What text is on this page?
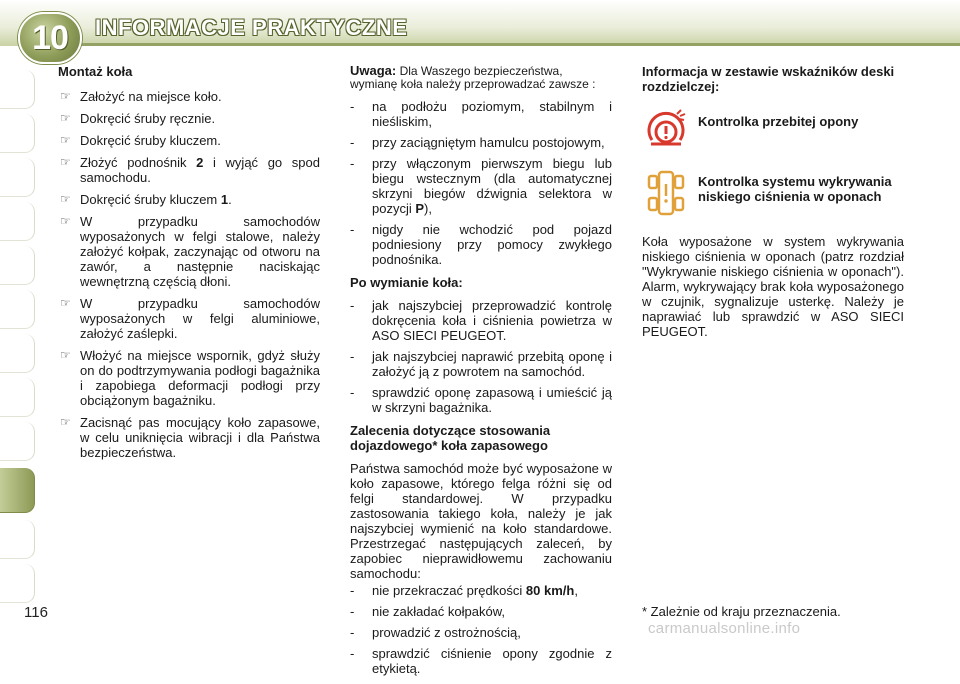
10 INFORMACJE PRAKTYCZNE

Montaż koła

☞ Założyć na miejsce koło.
☞ Dokręcić śruby ręcznie.
☞ Dokręcić śruby kluczem.
☞ Złożyć podnośnik 2 i wyjąć go spod samochodu.
☞ Dokręcić śruby kluczem 1.
☞ W przypadku samochodów wyposażonych w felgi stalowe, należy założyć kołpak, zaczynając od otworu na zawór, a następnie naciskając wewnętrzną częścią dłoni.
☞ W przypadku samochodów wyposażonych w felgi aluminiowe, założyć zaślepki.
☞ Włożyć na miejsce wspornik, gdyż służy on do podtrzymywania podłogi bagażnika i zapobiega deformacji podłogi przy obciążonym bagażniku.
☞ Zacisnąć pas mocujący koło zapasowe, w celu uniknięcia wibracji i dla Państwa bezpieczeństwa.

Uwaga: Dla Waszego bezpieczeństwa, wymianę koła należy przeprowadzać zawsze :

- na podłożu poziomym, stabilnym i nieśliskim,
- przy zaciągniętym hamulcu postojowym,
- przy włączonym pierwszym biegu lub biegu wstecznym (dla automatycznej skrzyni biegów dźwignia selektora w pozycji P),
- nigdy nie wchodzić pod pojazd podniesiony przy pomocy zwykłego podnośnika.

Po wymianie koła:

- jak najszybciej przeprowadzić kontrolę dokręcenia koła i ciśnienia powietrza w ASO SIECI PEUGEOT.
- jak najszybciej naprawić przebitą oponę i założyć ją z powrotem na samochód.
- sprawdzić oponę zapasową i umieścić ją w skrzyni bagażnika.

Zalecenia dotyczące stosowania dojazdowego* koła zapasowego

Państwa samochód może być wyposażone w koło zapasowe, którego felga różni się od felgi standardowej. W przypadku zastosowania takiego koła, należy je jak najszybciej wymienić na koło standardowe. Przestrzegać następujących zaleceń, by zapobiec nieprawidłowemu zachowaniu samochodu:

- nie przekraczać prędkości 80 km/h,
- nie zakładać kołpaków,
- prowadzić z ostrożnością,
- sprawdzić ciśnienie opony zgodnie z etykietą.

Informacja w zestawie wskaźników deski rozdzielczej:

Kontrolka przebitej opony
Kontrolka systemu wykrywania niskiego ciśnienia w oponach

Koła wyposażone w system wykrywania niskiego ciśnienia w oponach (patrz rozdział "Wykrywanie niskiego ciśnienia w oponach"). Alarm, wykrywający brak koła wyposażonego w czujnik, sygnalizuje usterkę. Należy je naprawiać lub sprawdzić w ASO SIECI PEUGEOT.

116	* Zależnie od kraju przeznaczenia.
carmanualsonline.info
